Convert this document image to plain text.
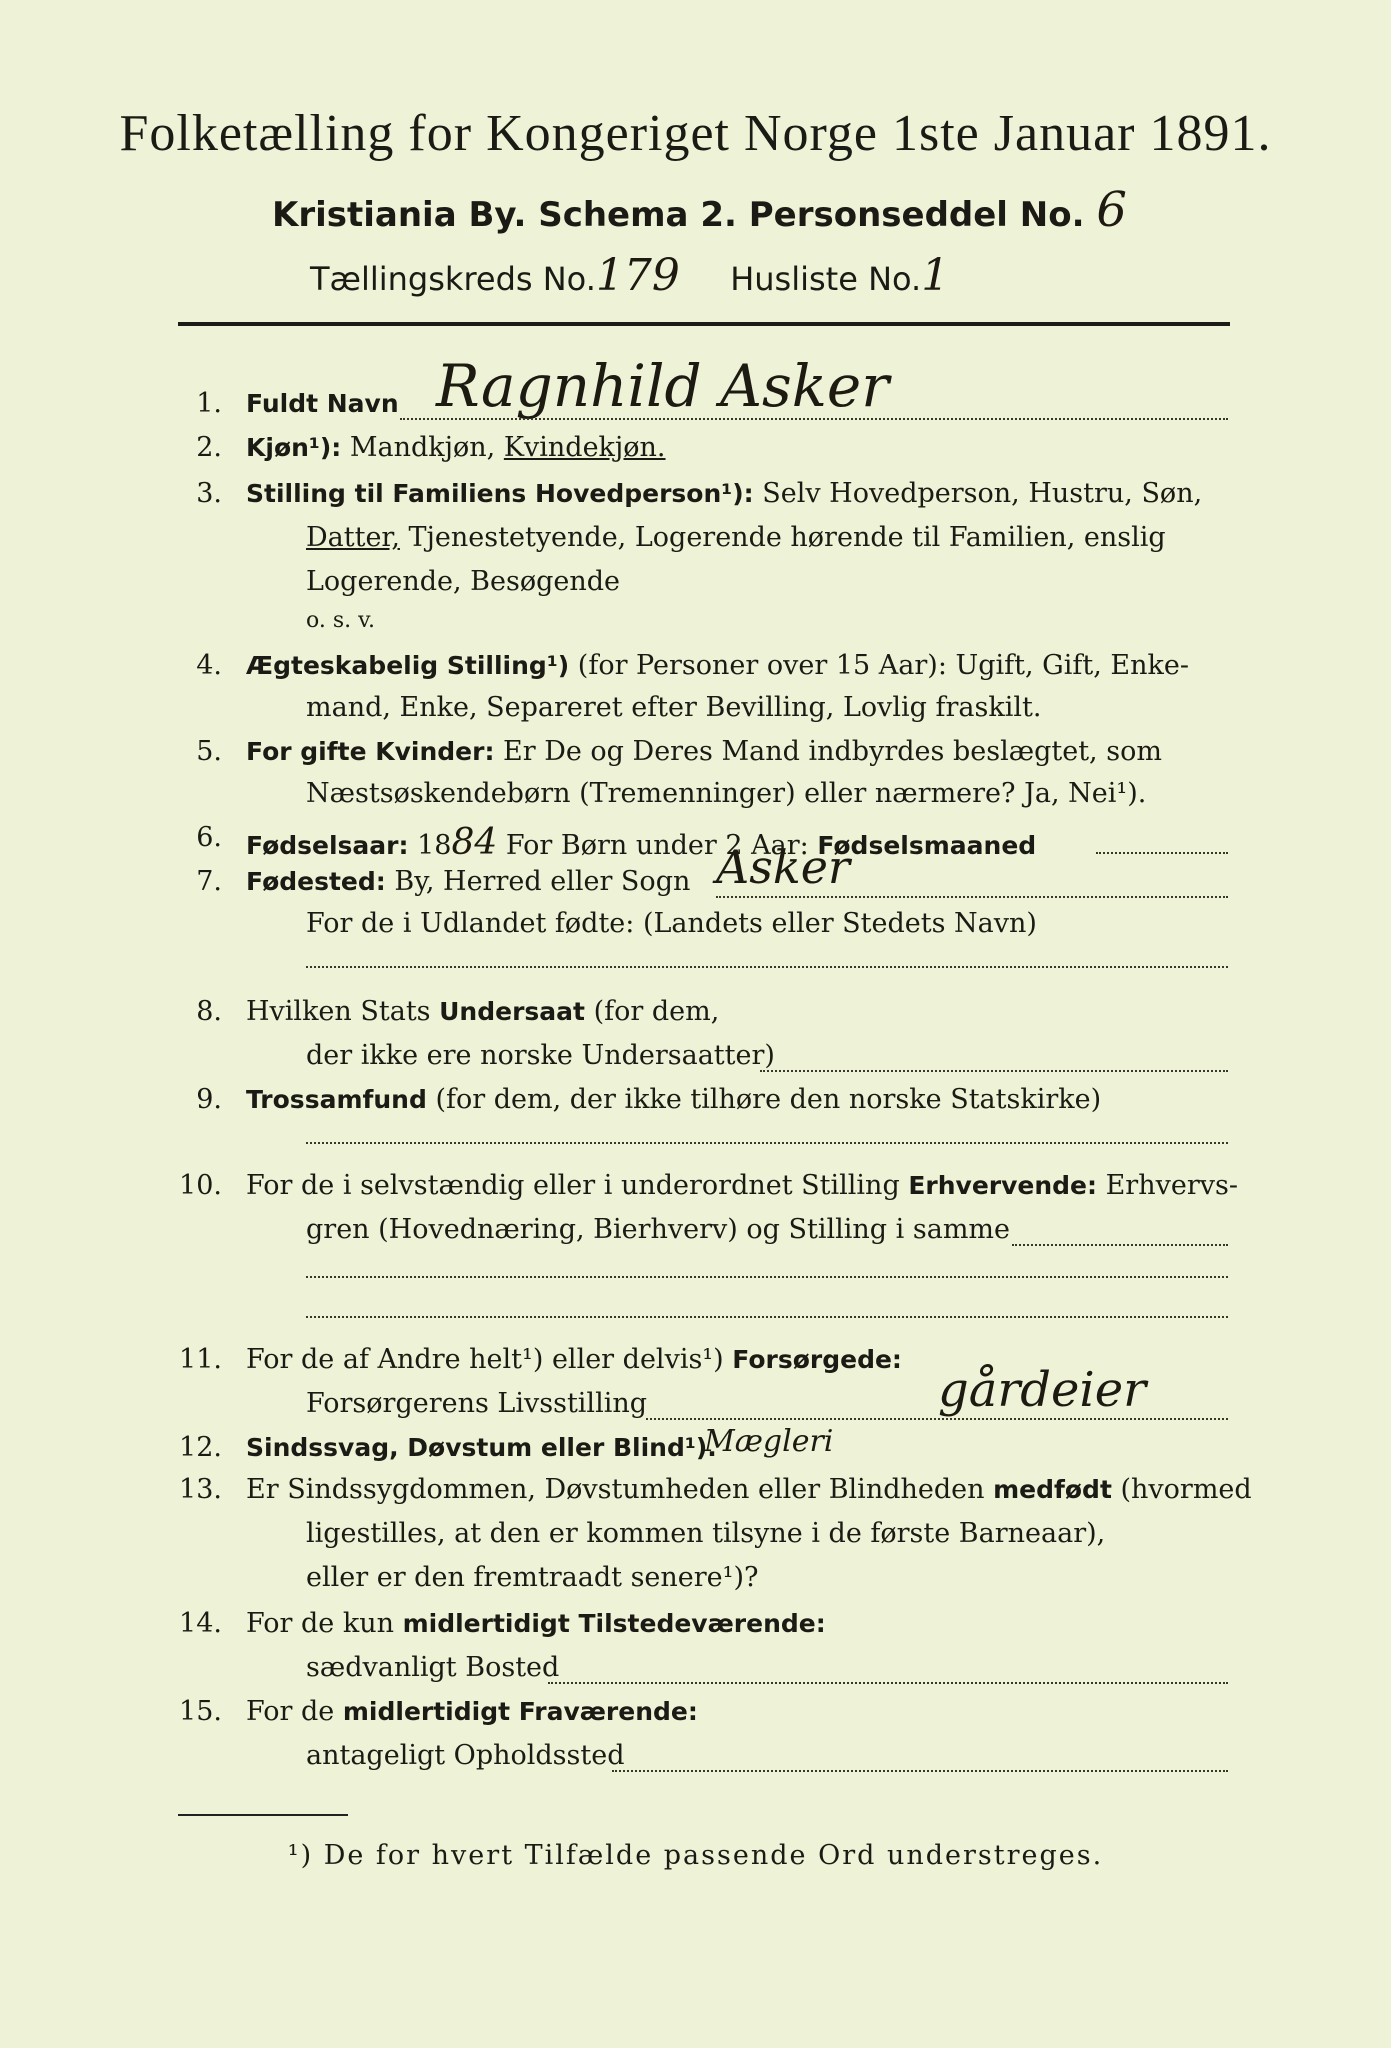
Folketælling for Kongeriget Norge 1ste Januar 1891.
Kristiania By. Schema 2. Personseddel No. 6
Tællingskreds No.179 Husliste No.1
1. Fuldt Navn Ragnhild Asker
2. Kjøn¹): Mandkjøn, Kvindekjøn.
3. Stilling til Familiens Hovedperson¹): Selv Hovedperson, Hustru, Søn,
Datter, Tjenestetyende, Logerende hørende til Familien, enslig
Logerende, Besøgende
o. s. v.
4. Ægteskabelig Stilling¹) (for Personer over 15 Aar): Ugift, Gift, Enke-
mand, Enke, Separeret efter Bevilling, Lovlig fraskilt.
5. For gifte Kvinder: Er De og Deres Mand indbyrdes beslægtet, som
Næstsøskendebørn (Tremenninger) eller nærmere? Ja, Nei¹).
6. Fødselsaar: 1884 For Børn under 2 Aar: Fødselsmaaned
7. Fødested: By, Herred eller Sogn Asker
For de i Udlandet fødte: (Landets eller Stedets Navn)
8. Hvilken Stats Undersaat (for dem,
der ikke ere norske Undersaatter)
9. Trossamfund (for dem, der ikke tilhøre den norske Statskirke)
10. For de i selvstændig eller i underordnet Stilling Erhvervende: Erhvervs-
gren (Hovednæring, Bierhverv) og Stilling i samme
11. For de af Andre helt¹) eller delvis¹) Forsørgede:
Forsørgerens Livsstilling	gårdeier
12. Sindssvag, Døvstum eller Blind¹).
Mægleri
13. Er Sindssygdommen, Døvstumheden eller Blindheden medfødt (hvormed
ligestilles, at den er kommen tilsyne i de første Barneaar),
eller er den fremtraadt senere¹)?
14. For de kun midlertidigt Tilstedeværende:
sædvanligt Bosted
15. For de midlertidigt Fraværende:
antageligt Opholdssted
¹) De for hvert Tilfælde passende Ord understreges.
